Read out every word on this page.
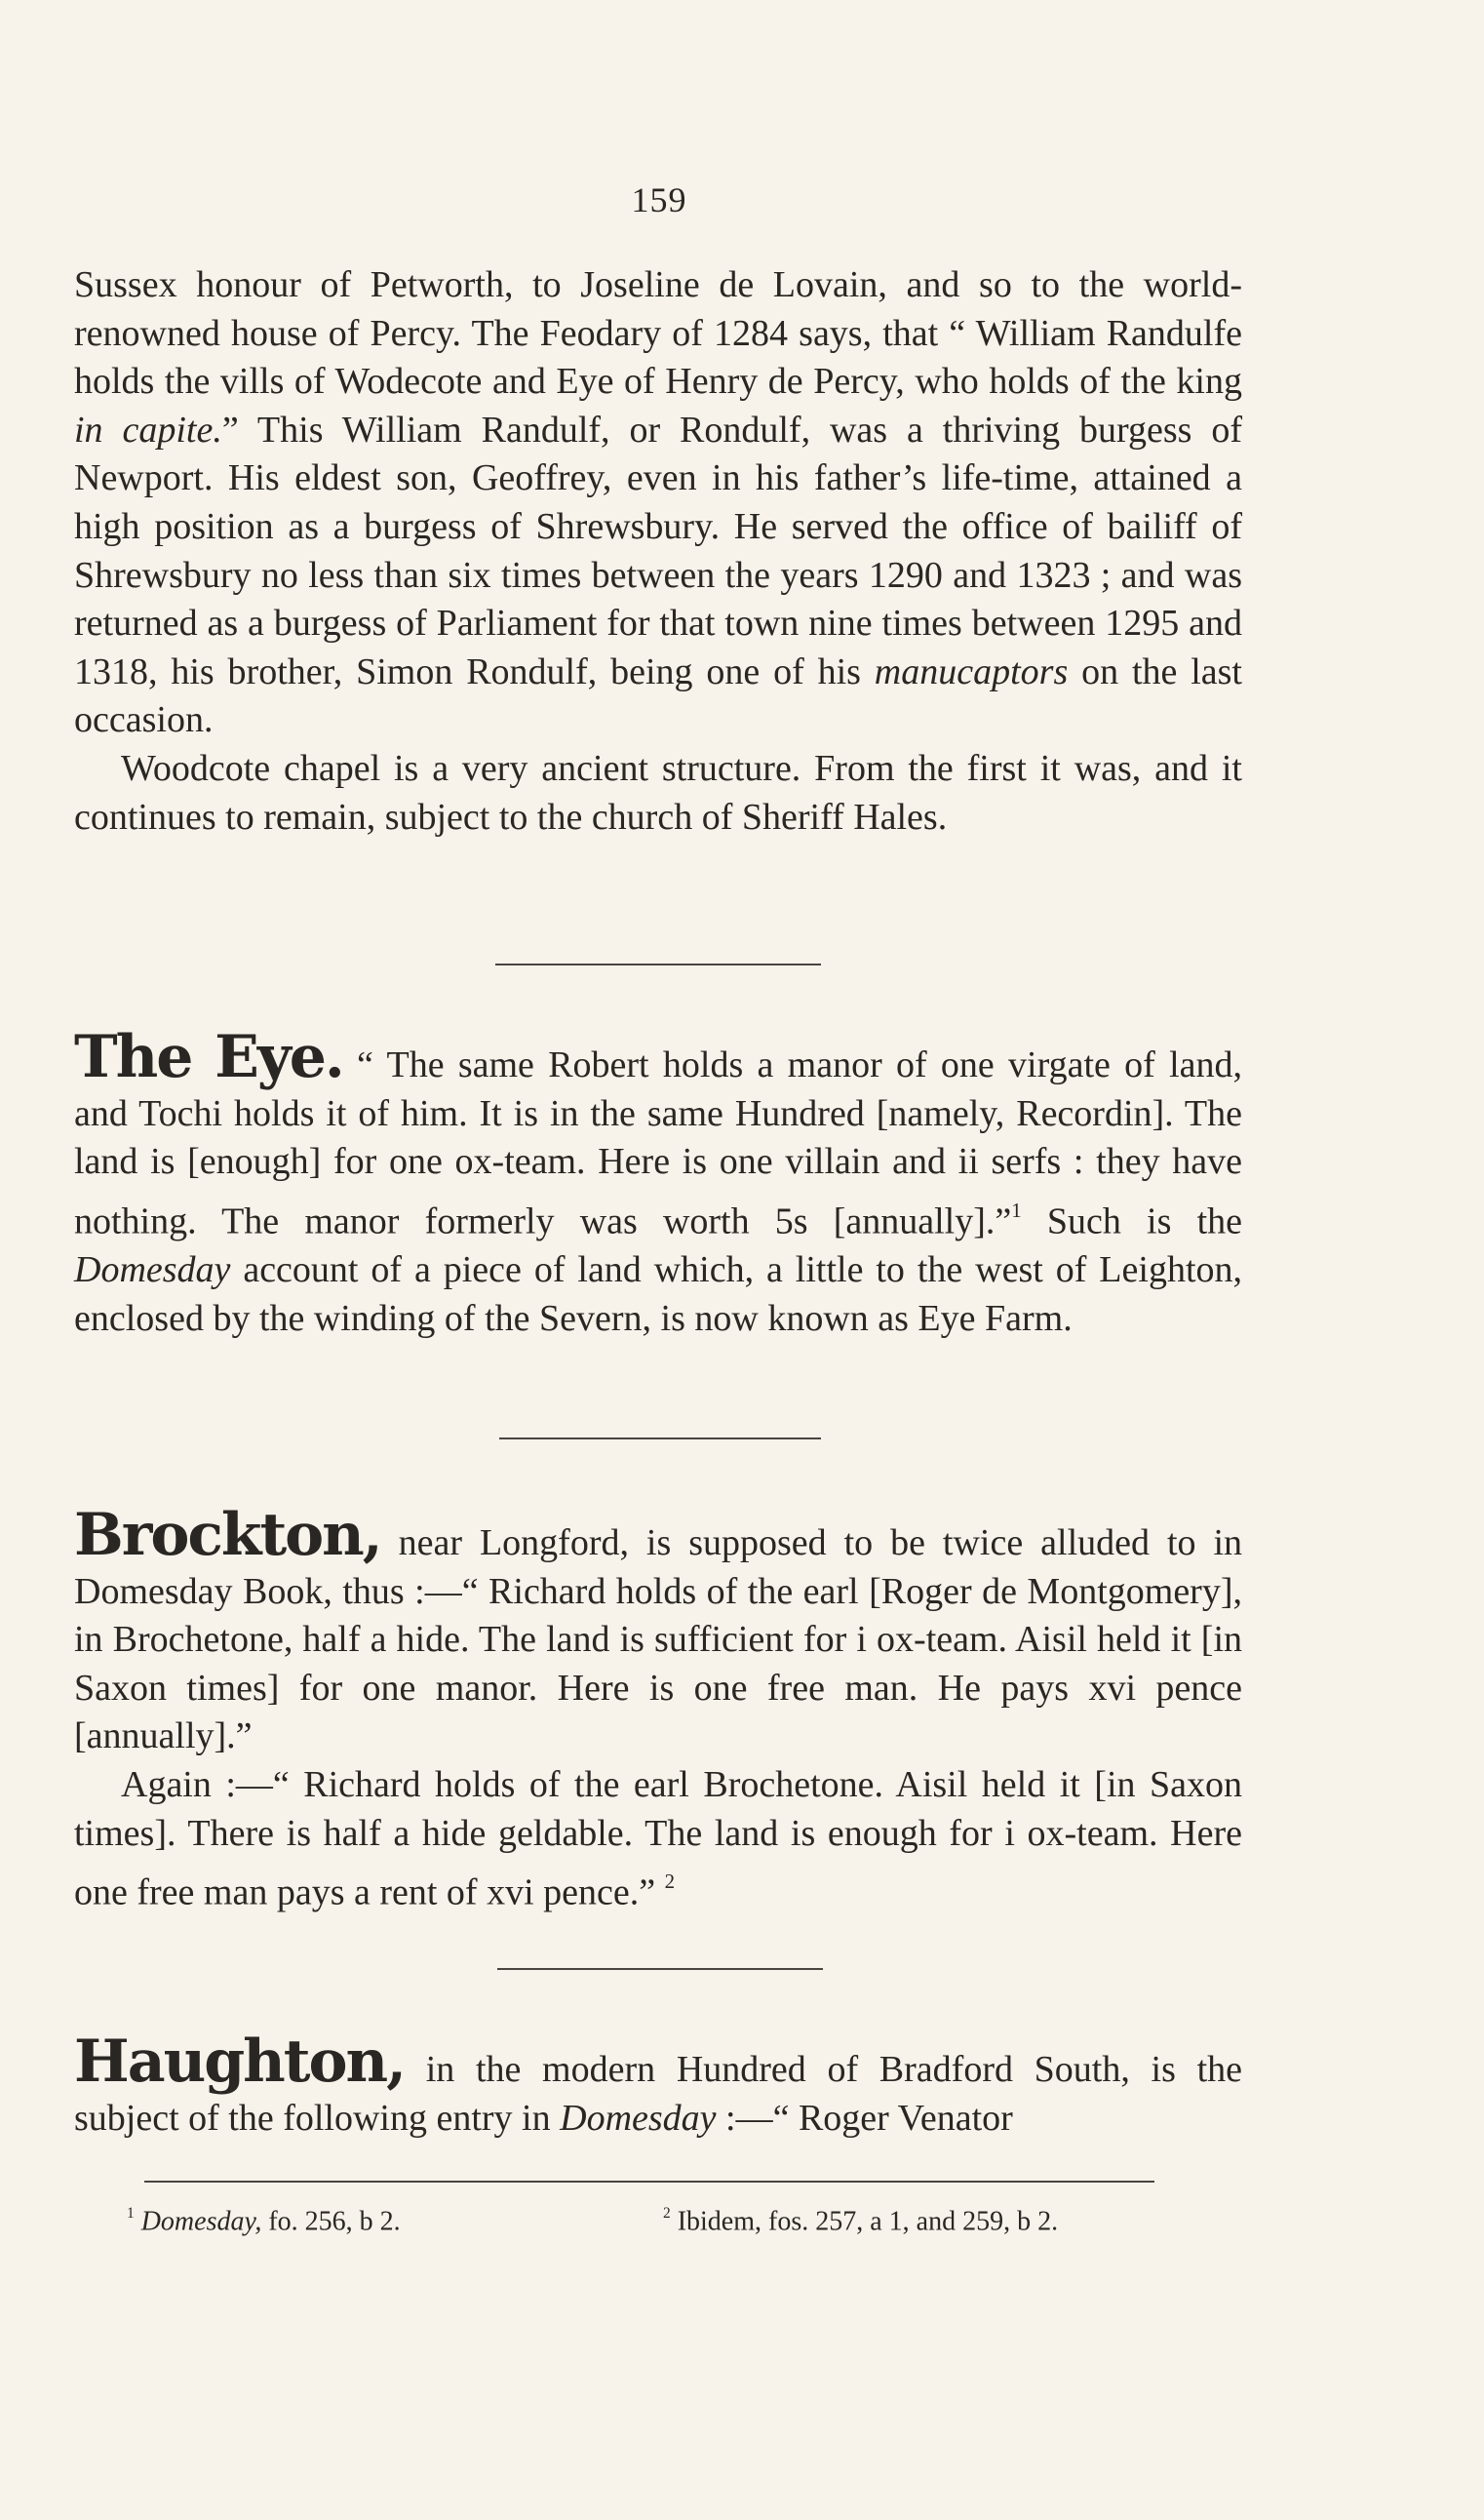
159

Sussex honour of Petworth, to Joseline de Lovain, and so to the world-renowned house of Percy. The Feodary of 1284 says, that “ William Randulfe holds the vills of Wodecote and Eye of Henry de Percy, who holds of the king in capite.” This William Randulf, or Rondulf, was a thriving burgess of Newport. His eldest son, Geoffrey, even in his father’s life-time, attained a high position as a burgess of Shrewsbury. He served the office of bailiff of Shrewsbury no less than six times between the years 1290 and 1323 ; and was returned as a burgess of Parliament for that town nine times between 1295 and 1318, his brother, Simon Rondulf, being one of his manucaptors on the last occasion.

Woodcote chapel is a very ancient structure. From the first it was, and it continues to remain, subject to the church of Sheriff Hales.

The Eye. “ The same Robert holds a manor of one virgate of land, and Tochi holds it of him. It is in the same Hundred [namely, Recordin]. The land is [enough] for one ox-team. Here is one villain and ii serfs : they have nothing. The manor formerly was worth 5s [annually].”$^1$ Such is the Domesday account of a piece of land which, a little to the west of Leighton, enclosed by the winding of the Severn, is now known as Eye Farm.

Brockton, near Longford, is supposed to be twice alluded to in Domesday Book, thus :—“ Richard holds of the earl [Roger de Montgomery], in Brochetone, half a hide. The land is sufficient for i ox-team. Aisil held it [in Saxon times] for one manor. Here is one free man. He pays xvi pence [annually].”

Again :—“ Richard holds of the earl Brochetone. Aisil held it [in Saxon times]. There is half a hide geldable. The land is enough for i ox-team. Here one free man pays a rent of xvi pence.” $^2$

Haughton, in the modern Hundred of Bradford South, is the subject of the following entry in Domesday :—“ Roger Venator

$^1$ Domesday, fo. 256, b 2.	$^2$ Ibidem, fos. 257, a 1, and 259, b 2.
